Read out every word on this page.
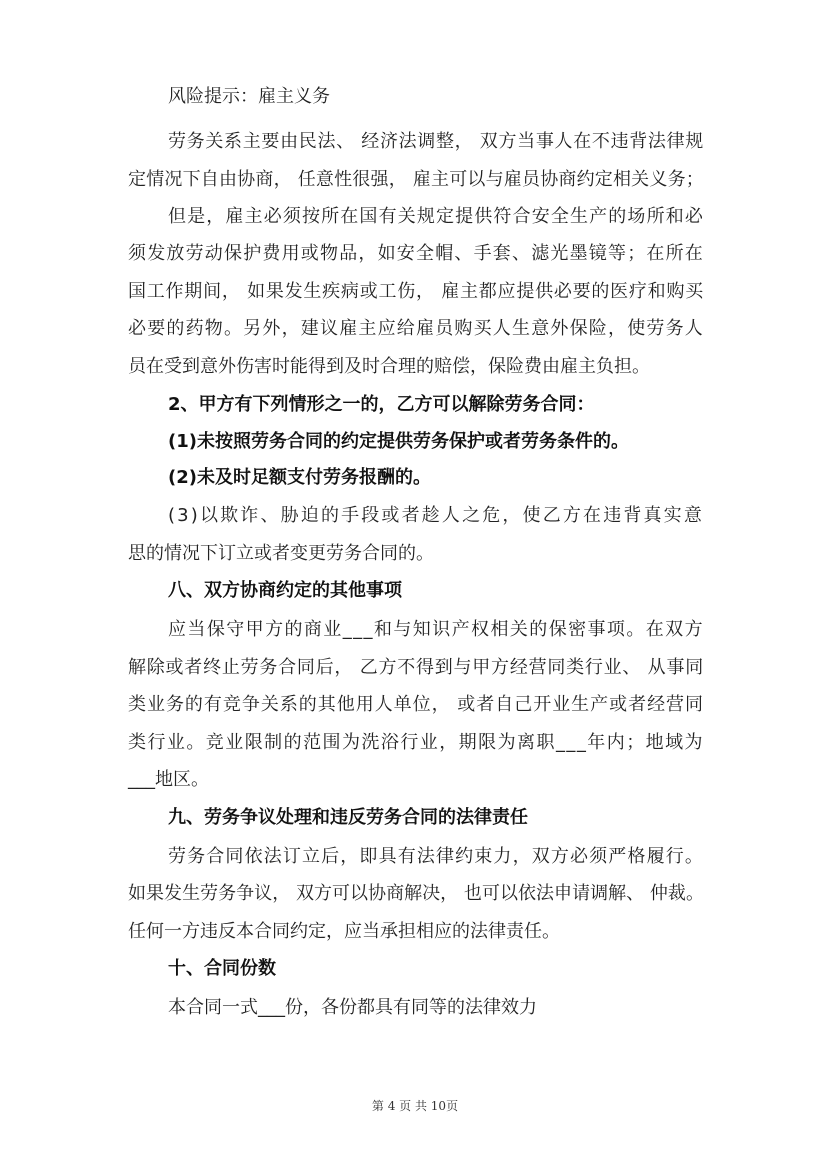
风险提示：雇主义务
劳务关系主要由民法、 经济法调整， 双方当事人在不违背法律规
定情况下自由协商， 任意性很强， 雇主可以与雇员协商约定相关义务；
但是，雇主必须按所在国有关规定提供符合安全生产的场所和必
须发放劳动保护费用或物品，如安全帽、手套、滤光墨镜等；在所在
国工作期间， 如果发生疾病或工伤， 雇主都应提供必要的医疗和购买
必要的药物。另外，建议雇主应给雇员购买人生意外保险，使劳务人
员在受到意外伤害时能得到及时合理的赔偿，保险费由雇主负担。
2、甲方有下列情形之一的，乙方可以解除劳务合同：
(1)未按照劳务合同的约定提供劳务保护或者劳务条件的。
(2)未及时足额支付劳务报酬的。
(3)以欺诈、胁迫的手段或者趁人之危，使乙方在违背真实意
思的情况下订立或者变更劳务合同的。
八、双方协商约定的其他事项
应当保守甲方的商业___和与知识产权相关的保密事项。在双方
解除或者终止劳务合同后， 乙方不得到与甲方经营同类行业、 从事同
类业务的有竞争关系的其他用人单位， 或者自己开业生产或者经营同
类行业。竞业限制的范围为洗浴行业，期限为离职___年内；地域为
___地区。
九、劳务争议处理和违反劳务合同的法律责任
劳务合同依法订立后，即具有法律约束力，双方必须严格履行。
如果发生劳务争议， 双方可以协商解决， 也可以依法申请调解、 仲裁。
任何一方违反本合同约定，应当承担相应的法律责任。
十、合同份数
本合同一式___份，各份都具有同等的法律效力
第 4 页 共 10页
